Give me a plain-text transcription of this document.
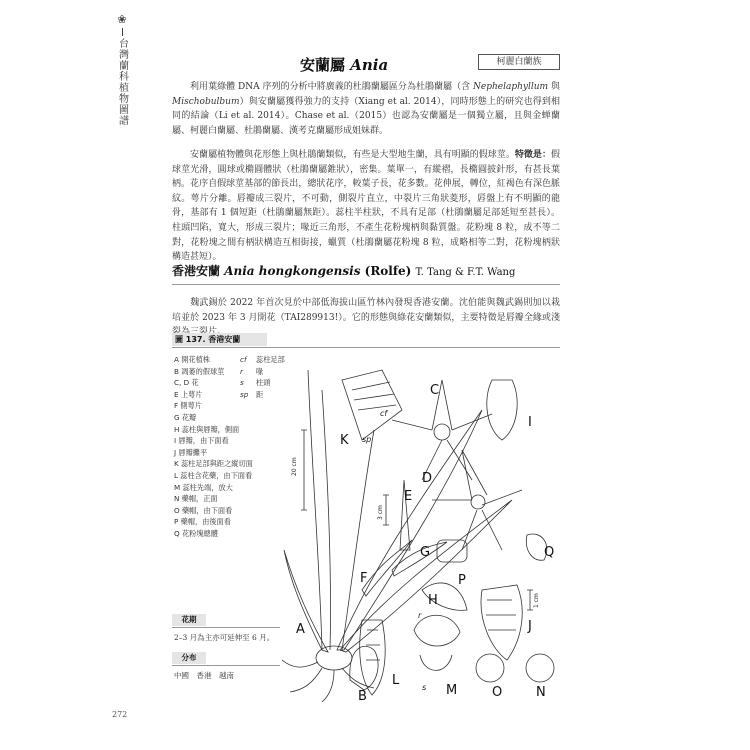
❀
台灣蘭科植物圖譜	安蘭屬 Ania	柯麗白蘭族
  利用葉綠體 DNA 序列的分析中將廣義的杜鵑蘭屬區分為杜鵑蘭屬（含 Nephelaphyllum 與 Mischobulbum）與安蘭屬獲得強力的支持（Xiang et al. 2014），同時形態上的研究也得到相同的結論（Li et al. 2014）。Chase et al.（2015）也認為安蘭屬是一個獨立屬，且與金蝉蘭屬、柯麗白蘭屬、杜鵑蘭屬、漢考克蘭屬形成姐妹群。
  安蘭屬植物體與花形態上與杜鵑蘭類似，有些是大型地生蘭，具有明顯的假球莖。特徵是：假球莖光滑，圓球或橢圓體狀（杜鵑蘭屬錐狀），密集。葉單一，有縱褶，長橢圓披針形，有甚長葉柄。花序自假球莖基部的節長出，總狀花序，較葉子長，花多數。花伸展，轉位，紅褐色有深色脈紋。萼片分離。唇瓣成三裂片，不可動，側裂片直立，中裂片三角狀菱形，唇盤上有不明顯的龍骨，基部有 1 個短距（杜鵑蘭屬無距）。蕊柱半柱狀，不具有足部（杜鵑蘭屬足部延短至甚長）。柱頭凹陷，寬大，形成三裂片；喙近三角形，不產生花粉塊柄與黏質盤。花粉塊 8 粒，成不等二對，花粉塊之間有柄狀構造互相街接，蠟質（杜鵑蘭屬花粉塊 8 粒，成略相等二對，花粉塊柄狀構造甚短）。
香港安蘭 Ania hongkongensis (Rolfe) T. Tang & F.T. Wang
  魏武錫於 2022 年首次見於中部低海拔山區竹林內發現香港安蘭。沈伯能與魏武錫則加以栽培並於 2023 年 3 月開花（TAI289913!）。它的形態與綠花安蘭類似，主要特徵是唇瓣全緣或淺
圖 137. 香港安蘭
A 開花植株
B 凋萎的假球莖
C, D 花
E 上萼片
F 側萼片
G 花瓣
H 蕊柱與唇瓣，側面
I 唇瓣，由下面看
J 唇瓣攤平
K 蕊柱足部與距之縱切面
L 蕊柱含花藥，由下面看
M 蕊柱先端，放大
N 藥帽，正面
O 藥帽，由下面看
P 藥帽，由後面看
Q 花粉塊總體
cf 蕊柱足部
r 喙
s 柱頭
sp 距
花期
2–3 月為主亦可延伸至 6 月。
分布
中國　香港　越南
272
A
B
C
D
E
F
G
H
I
J
K
L
M	N
O
P
Q
cf
sp
r
s
20 cm
3 cm
1 cm
